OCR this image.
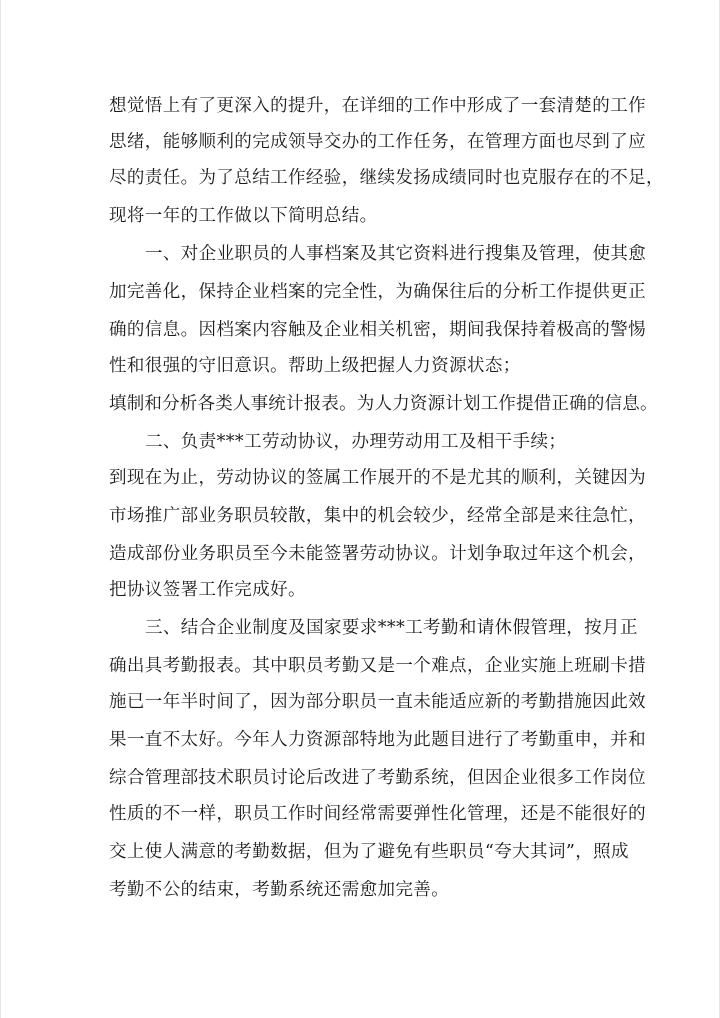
想觉悟上有了更深入的提升，在详细的工作中形成了一套清楚的工作
思绪，能够顺利的完成领导交办的工作任务，在管理方面也尽到了应
尽的责任。为了总结工作经验，继续发扬成绩同时也克服存在的不足，
现将一年的工作做以下简明总结。
一、对企业职员的人事档案及其它资料进行搜集及管理，使其愈
加完善化，保持企业档案的完全性，为确保往后的分析工作提供更正
确的信息。因档案内容触及企业相关机密，期间我保持着极高的警惕
性和很强的守旧意识。帮助上级把握人力资源状态；
填制和分析各类人事统计报表。为人力资源计划工作提借正确的信息。
二、负责***工劳动协议，办理劳动用工及相干手续；
到现在为止，劳动协议的签属工作展开的不是尤其的顺利，关键因为
市场推广部业务职员较散，集中的机会较少，经常全部是来往急忙，
造成部份业务职员至今未能签署劳动协议。计划争取过年这个机会，
把协议签署工作完成好。
三、结合企业制度及国家要求***工考勤和请休假管理，按月正
确出具考勤报表。其中职员考勤又是一个难点，企业实施上班刷卡措
施已一年半时间了，因为部分职员一直未能适应新的考勤措施因此效
果一直不太好。今年人力资源部特地为此题目进行了考勤重申，并和
综合管理部技术职员讨论后改进了考勤系统，但因企业很多工作岗位
性质的不一样，职员工作时间经常需要弹性化管理，还是不能很好的
交上使人满意的考勤数据，但为了避免有些职员“夸大其词”，照成
考勤不公的结束，考勤系统还需愈加完善。
